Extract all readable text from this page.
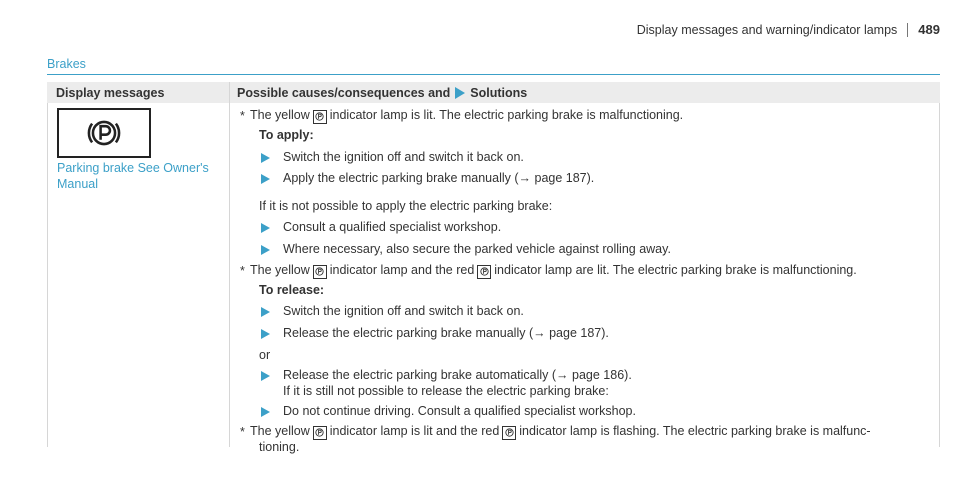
Display messages and warning/indicator lamps 489
Brakes
Display messages	Possible causes/consequences and Solutions
Parking brake See Owner's
Manual
* The yellow indicator lamp is lit. The electric parking brake is malfunctioning.
To apply:
Switch the ignition off and switch it back on.
Apply the electric parking brake manually (→ page 187).
If it is not possible to apply the electric parking brake:
Consult a qualified specialist workshop.
Where necessary, also secure the parked vehicle against rolling away.
* The yellow indicator lamp and the red indicator lamp are lit. The electric parking brake is malfunctioning.
To release:
Switch the ignition off and switch it back on.
Release the electric parking brake manually (→ page 187).
or
Release the electric parking brake automatically (→ page 186).
If it is still not possible to release the electric parking brake:
Do not continue driving. Consult a qualified specialist workshop.
* The yellow indicator lamp is lit and the red indicator lamp is flashing. The electric parking brake is malfunc-
tioning.
